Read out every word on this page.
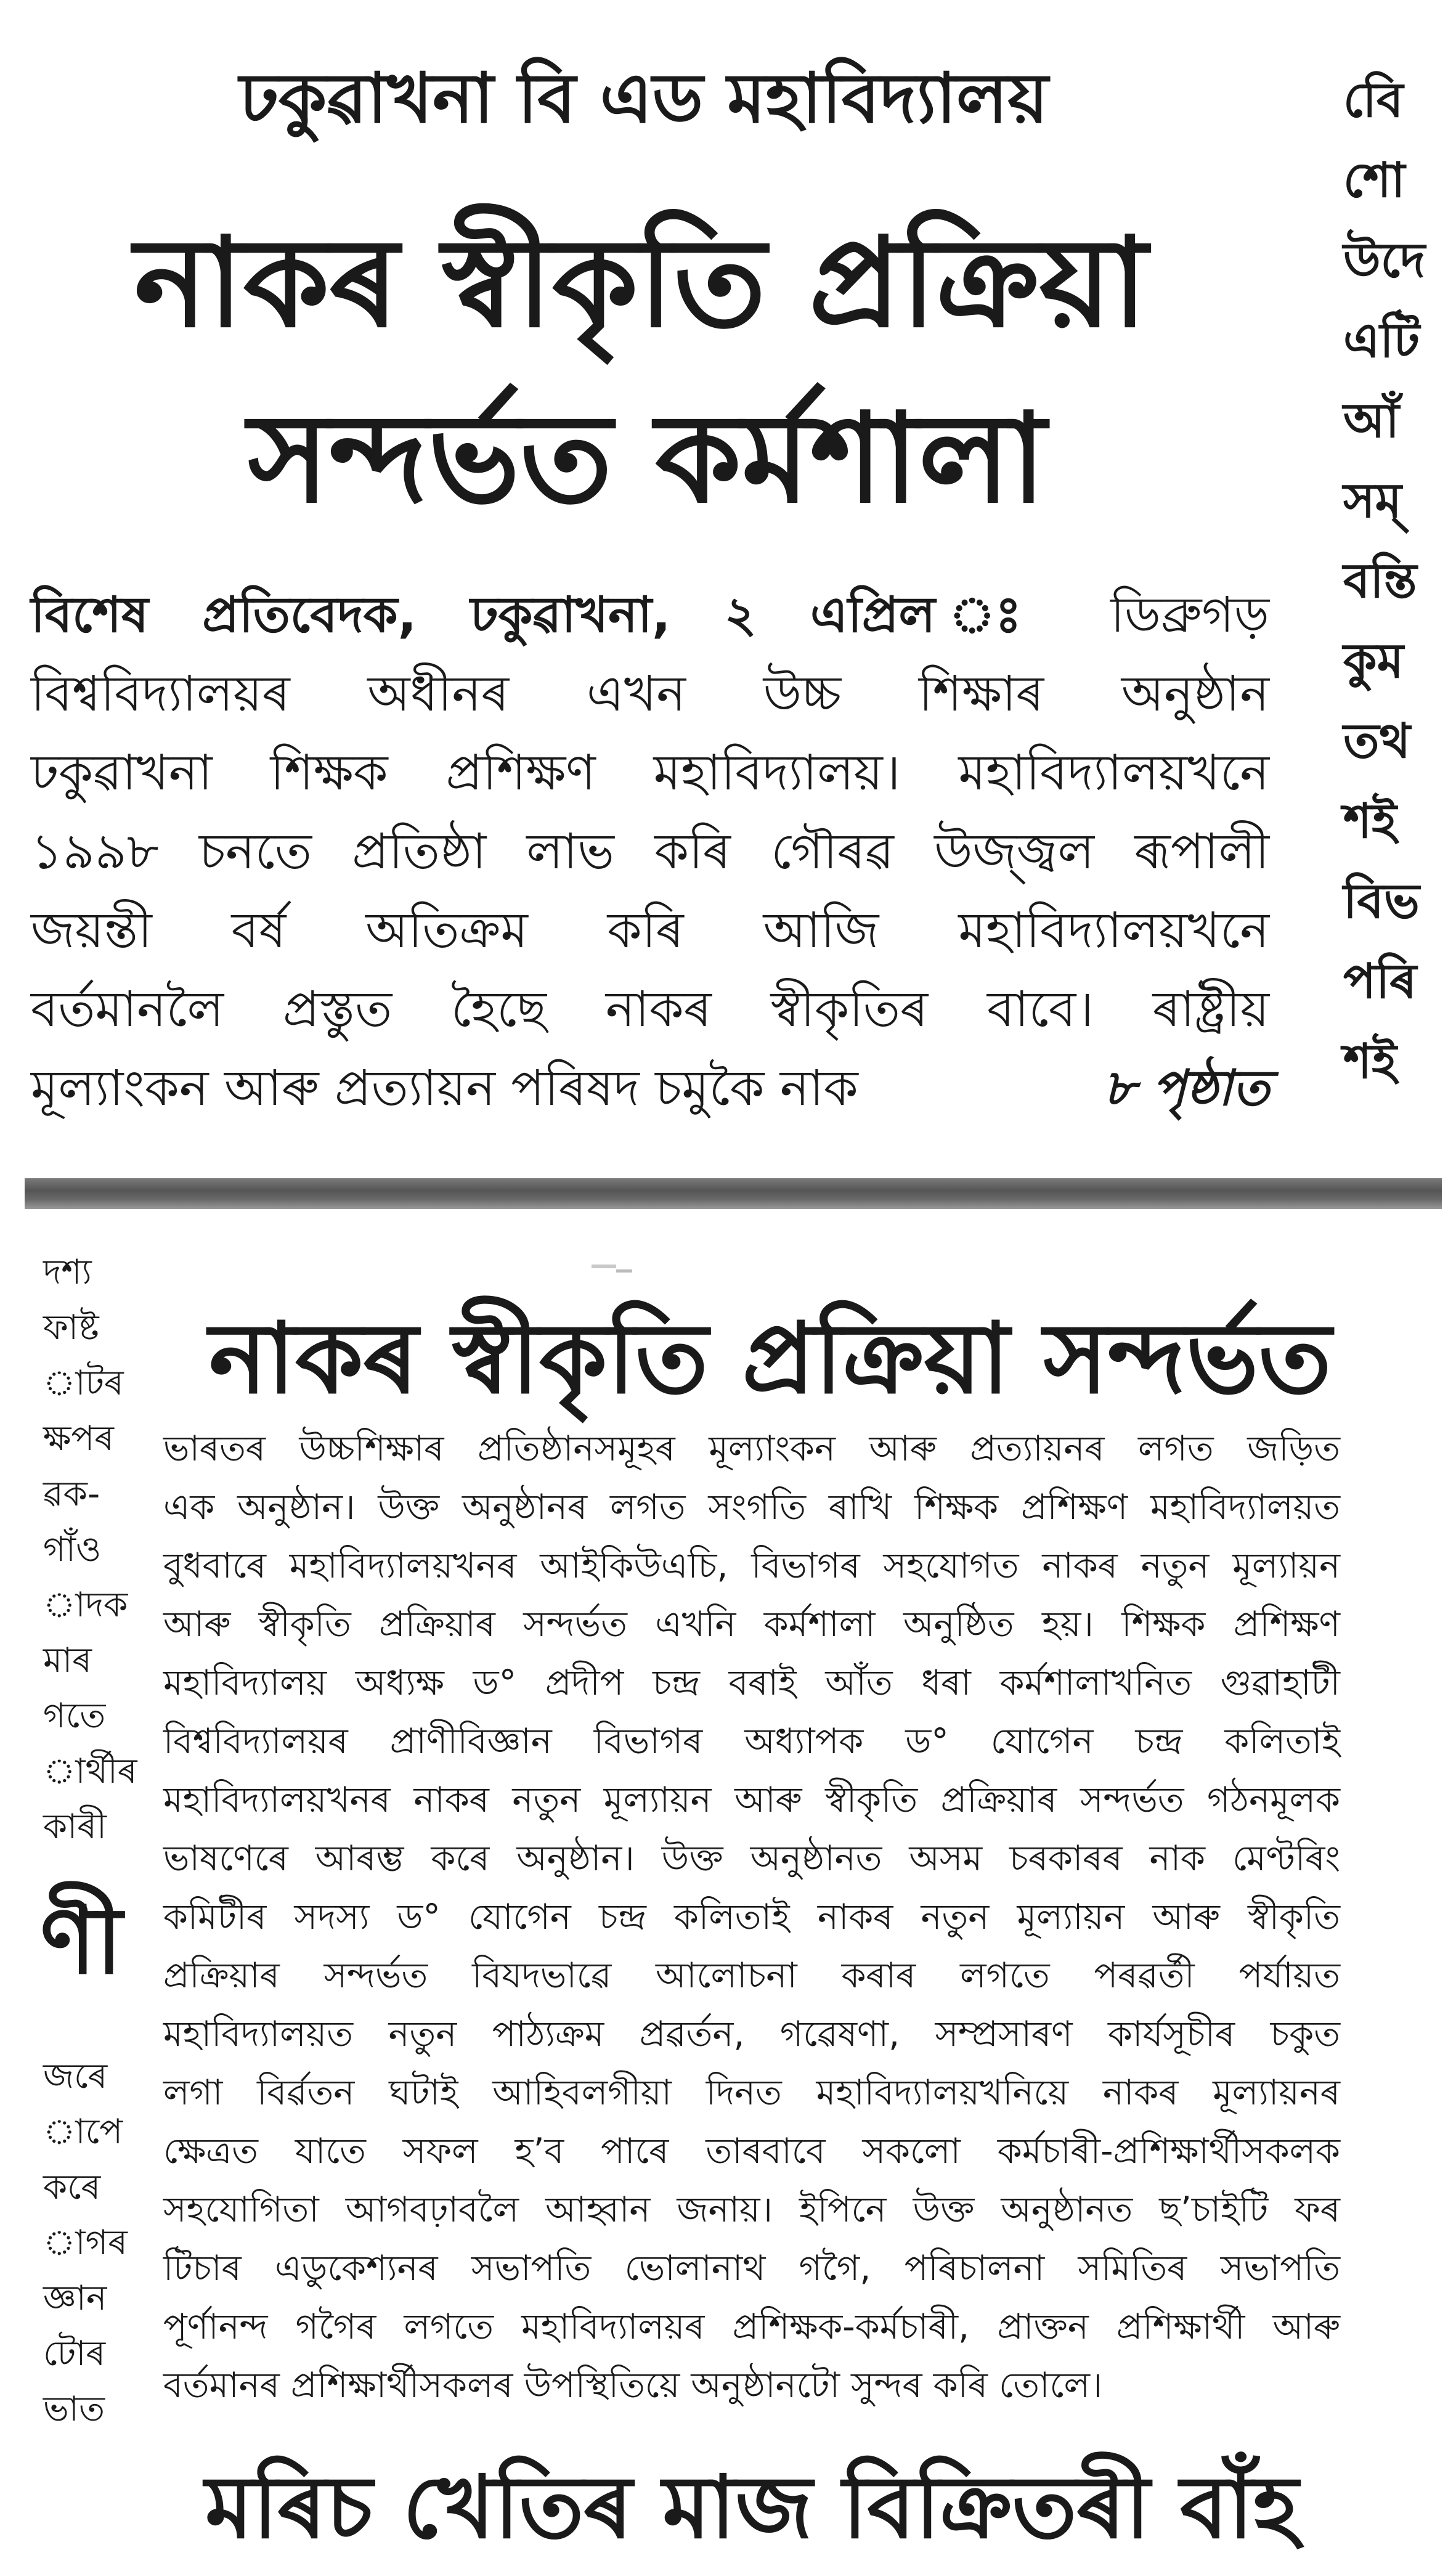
ঢকুৱাখনা বি এড মহাবিদ্যালয়
নাকৰ স্বীকৃতি প্ৰক্ৰিয়া
সন্দৰ্ভত কৰ্মশালা
বিশেষ প্ৰতিবেদক, ঢকুৱাখনা, ২ এপ্ৰিল ঃ ডিব্ৰুগড়
বিশ্ববিদ্যালয়ৰ অধীনৰ এখন উচ্চ শিক্ষাৰ অনুষ্ঠান
ঢকুৱাখনা শিক্ষক প্ৰশিক্ষণ মহাবিদ্যালয়। মহাবিদ্যালয়খনে
১৯৯৮ চনতে প্ৰতিষ্ঠা লাভ কৰি গৌৰৱ উজ্জ্বল ৰূপালী
জয়ন্তী বৰ্ষ অতিক্ৰম কৰি আজি মহাবিদ্যালয়খনে
বৰ্তমানলৈ প্ৰস্তুত হৈছে নাকৰ স্বীকৃতিৰ বাবে। ৰাষ্ট্ৰীয়
মূল্যাংকন আৰু প্ৰত্যায়ন পৰিষদ চমুকৈ নাক	৮ পৃষ্ঠাত
বিে
শো
উদে
এটি
আঁ
সম্
বন্তি
কুম
তথ
শই
বিভ
পৰি
শই
নাকৰ স্বীকৃতি প্ৰক্ৰিয়া সন্দৰ্ভত
ভাৰতৰ উচ্চশিক্ষাৰ প্ৰতিষ্ঠানসমূহৰ মূল্যাংকন আৰু প্ৰত্যায়নৰ লগত জড়িত
এক অনুষ্ঠান। উক্ত অনুষ্ঠানৰ লগত সংগতি ৰাখি শিক্ষক প্ৰশিক্ষণ মহাবিদ্যালয়ত
বুধবাৰে মহাবিদ্যালয়খনৰ আইকিউএচি, বিভাগৰ সহযোগত নাকৰ নতুন মূল্যায়ন
আৰু স্বীকৃতি প্ৰক্ৰিয়াৰ সন্দৰ্ভত এখনি কৰ্মশালা অনুষ্ঠিত হয়। শিক্ষক প্ৰশিক্ষণ
মহাবিদ্যালয় অধ্যক্ষ ড° প্ৰদীপ চন্দ্ৰ বৰাই আঁত ধৰা কৰ্মশালাখনিত গুৱাহাটী
বিশ্ববিদ্যালয়ৰ প্ৰাণীবিজ্ঞান বিভাগৰ অধ্যাপক ড° যোগেন চন্দ্ৰ কলিতাই
মহাবিদ্যালয়খনৰ নাকৰ নতুন মূল্যায়ন আৰু স্বীকৃতি প্ৰক্ৰিয়াৰ সন্দৰ্ভত গঠনমূলক
ভাষণেৰে আৰম্ভ কৰে অনুষ্ঠান। উক্ত অনুষ্ঠানত অসম চৰকাৰৰ নাক মেণ্টৰিং
কমিটীৰ সদস্য ড° যোগেন চন্দ্ৰ কলিতাই নাকৰ নতুন মূল্যায়ন আৰু স্বীকৃতি
প্ৰক্ৰিয়াৰ সন্দৰ্ভত বিযদভাৱে আলোচনা কৰাৰ লগতে পৰৱৰ্তী পৰ্যায়ত
মহাবিদ্যালয়ত নতুন পাঠ্যক্ৰম প্ৰৱৰ্তন, গৱেষণা, সম্প্ৰসাৰণ কাৰ্যসূচীৰ চকুত
লগা বিৰ্ৱতন ঘটাই আহিবলগীয়া দিনত মহাবিদ্যালয়খনিয়ে নাকৰ মূল্যায়নৰ
ক্ষেত্ৰত যাতে সফল হ’ব পাৰে তাৰবাবে সকলো কৰ্মচাৰী-প্ৰশিক্ষাৰ্থীসকলক
সহযোগিতা আগবঢ়াবলৈ আহ্বান জনায়। ইপিনে উক্ত অনুষ্ঠানত ছ’চাইটি ফৰ
টিচাৰ এডুকেশ্যনৰ সভাপতি ভোলানাথ গগৈ, পৰিচালনা সমিতিৰ সভাপতি
পূৰ্ণানন্দ গগৈৰ লগতে মহাবিদ্যালয়ৰ প্ৰশিক্ষক-কৰ্মচাৰী, প্ৰাক্তন প্ৰশিক্ষাৰ্থী আৰু
বৰ্তমানৰ প্ৰশিক্ষাৰ্থীসকলৰ উপস্থিতিয়ে অনুষ্ঠানটো সুন্দৰ কৰি তোলে।
মৰিচ খেতিৰ মাজ বিক্ৰিতৰী বাঁহ
দশ্য
ফাষ্ট
াটৰ
ক্ষপৰ
ৱক-
গাঁও
াদক
মাৰ
গতে
াৰ্থীৰ
কাৰী
ণী
জৰে
াপে
কৰে
াগৰ
জ্ঞান
টোৰ
ভাত
